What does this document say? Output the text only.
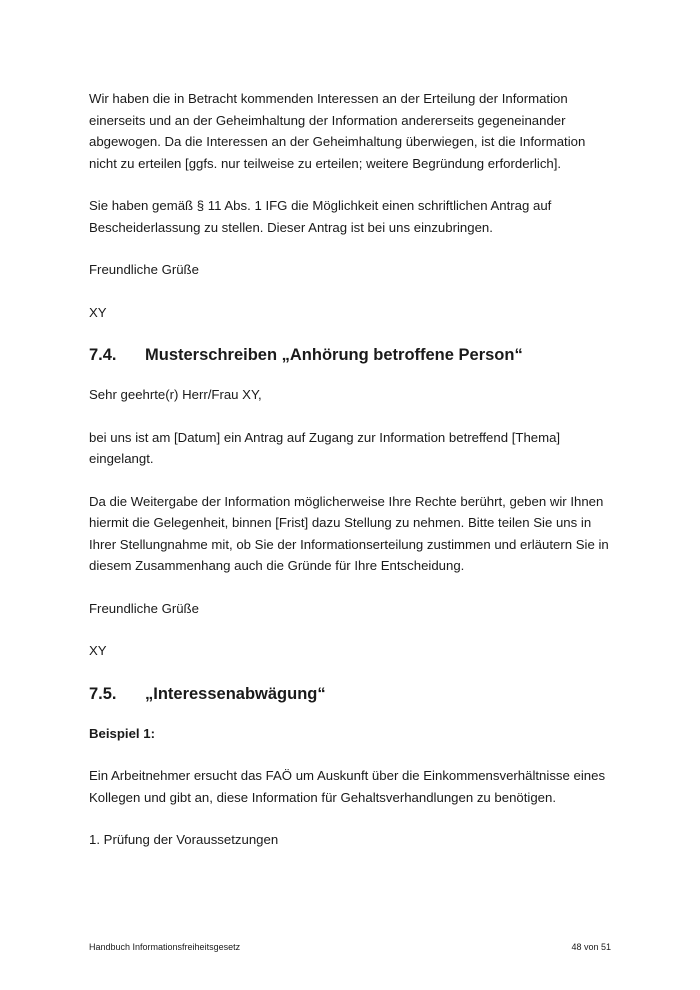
Wir haben die in Betracht kommenden Interessen an der Erteilung der Information
einerseits und an der Geheimhaltung der Information andererseits gegeneinander
abgewogen. Da die Interessen an der Geheimhaltung überwiegen, ist die Information
nicht zu erteilen [ggfs. nur teilweise zu erteilen; weitere Begründung erforderlich].

Sie haben gemäß § 11 Abs. 1 IFG die Möglichkeit einen schriftlichen Antrag auf
Bescheiderlassung zu stellen. Dieser Antrag ist bei uns einzubringen.

Freundliche Grüße

XY

7.4. Musterschreiben „Anhörung betroffene Person“

Sehr geehrte(r) Herr/Frau XY,

bei uns ist am [Datum] ein Antrag auf Zugang zur Information betreffend [Thema]
eingelangt.

Da die Weitergabe der Information möglicherweise Ihre Rechte berührt, geben wir Ihnen
hiermit die Gelegenheit, binnen [Frist] dazu Stellung zu nehmen. Bitte teilen Sie uns in
Ihrer Stellungnahme mit, ob Sie der Informationserteilung zustimmen und erläutern Sie in
diesem Zusammenhang auch die Gründe für Ihre Entscheidung.

Freundliche Grüße

XY

7.5. „Interessenabwägung“

Beispiel 1:

Ein Arbeitnehmer ersucht das FAÖ um Auskunft über die Einkommensverhältnisse eines
Kollegen und gibt an, diese Information für Gehaltsverhandlungen zu benötigen.

1. Prüfung der Voraussetzungen

Handbuch Informationsfreiheitsgesetz	48 von 51
